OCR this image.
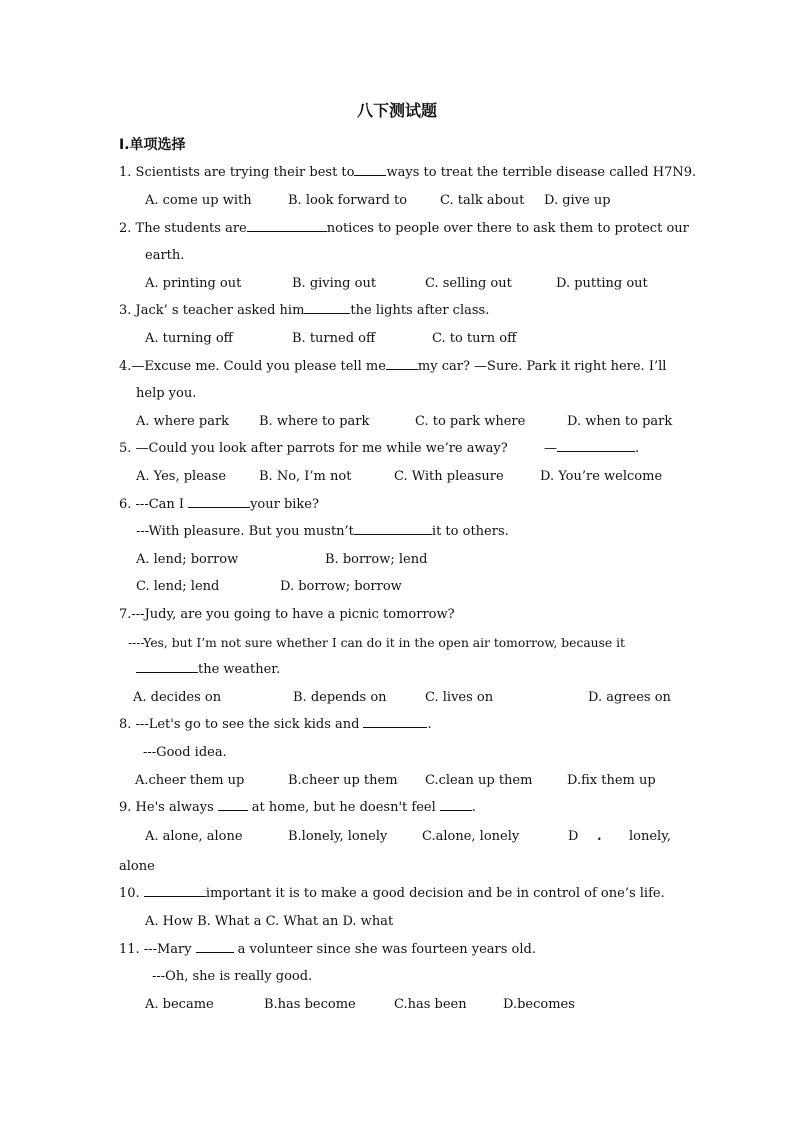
八下测试题
I.单项选择
1. Scientists are trying their best to ways to treat the terrible disease called H7N9.
A. come up with	B. look forward to	C. talk about D. give up
2. The students are	notices to people over there to ask them to protect our
earth.
A. printing out	B. giving out	C. selling out	D. putting out
3. Jack’ s teacher asked him	the lights after class.
A. turning off	B. turned off	C. to turn off
4.—Excuse me. Could you please tell me my car? —Sure. Park it right here. I’ll
help you.
A. where park B. where to park	C. to park where	D. when to park
5. —Could you look after parrots for me while we’re away?	—	.
A. Yes, please	B. No, I’m not	C. With pleasure	D. You’re welcome
6. ---Can I	your bike?
---With pleasure. But you mustn’t	it to others.
A. lend; borrow	B. borrow; lend
C. lend; lend	D. borrow; borrow
7.---Judy, are you going to have a picnic tomorrow?
----Yes, but I’m not sure whether I can do it in the open air tomorrow, because it
the weather.
A. decides on	B. depends on	C. lives on	D. agrees on
8. ---Let's go to see the sick kids and	.
---Good idea.
A.cheer them up	B.cheer up them C.clean up them	D.fix them up
9. He's always	at home, but he doesn't feel	.
A. alone, alone	B.lonely, lonely	C.alone, lonely	D . lonely,
alone
10.	important it is to make a good decision and be in control of one’s life.
A. How B. What a C. What an D. what
11. ---Mary	a volunteer since she was fourteen years old.
---Oh, she is really good.
A. became	B.has become	C.has been	D.becomes
